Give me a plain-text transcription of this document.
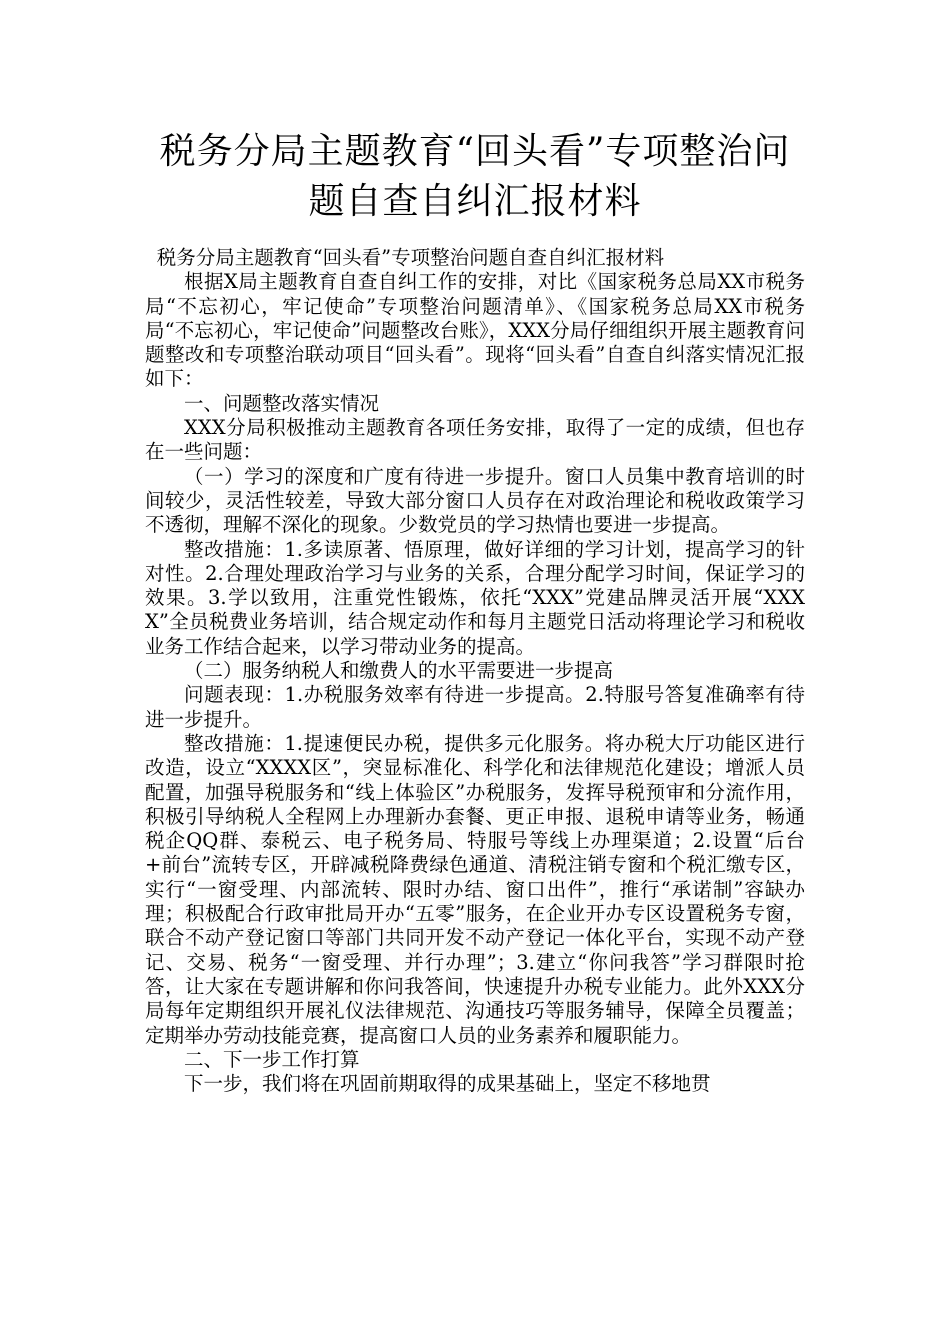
税务分局主题教育“回头看”专项整治问
题自查自纠汇报材料

税务分局主题教育“回头看”专项整治问题自查自纠汇报材料

根据X局主题教育自查自纠工作的安排，对比《国家税务总局XX市税务局“不忘初心，牢记使命”专项整治问题清单》、《国家税务总局XX市税务局“不忘初心，牢记使命”问题整改台账》，XXX分局仔细组织开展主题教育问题整改和专项整治联动项目“回头看”。现将“回头看”自查自纠落实情况汇报如下：

一、问题整改落实情况

XXX分局积极推动主题教育各项任务安排，取得了一定的成绩，但也存在一些问题：

（一）学习的深度和广度有待进一步提升。窗口人员集中教育培训的时间较少，灵活性较差，导致大部分窗口人员存在对政治理论和税收政策学习不透彻，理解不深化的现象。少数党员的学习热情也要进一步提高。

整改措施：1.多读原著、悟原理，做好详细的学习计划，提高学习的针对性。2.合理处理政治学习与业务的关系，合理分配学习时间，保证学习的效果。3.学以致用，注重党性锻炼，依托“XXX”党建品牌灵活开展“XXXX”全员税费业务培训，结合规定动作和每月主题党日活动将理论学习和税收业务工作结合起来，以学习带动业务的提高。

（二）服务纳税人和缴费人的水平需要进一步提高

问题表现：1.办税服务效率有待进一步提高。2.特服号答复准确率有待进一步提升。

整改措施：1.提速便民办税，提供多元化服务。将办税大厅功能区进行改造，设立“XXXX区”，突显标准化、科学化和法律规范化建设；增派人员配置，加强导税服务和“线上体验区”办税服务，发挥导税预审和分流作用，积极引导纳税人全程网上办理新办套餐、更正申报、退税申请等业务，畅通税企QQ群、泰税云、电子税务局、特服号等线上办理渠道；2.设置“后台+前台”流转专区，开辟减税降费绿色通道、清税注销专窗和个税汇缴专区，实行“一窗受理、内部流转、限时办结、窗口出件”，推行“承诺制”容缺办理；积极配合行政审批局开办“五零”服务，在企业开办专区设置税务专窗，联合不动产登记窗口等部门共同开发不动产登记一体化平台，实现不动产登记、交易、税务“一窗受理、并行办理”；3.建立“你问我答”学习群限时抢答，让大家在专题讲解和你问我答间，快速提升办税专业能力。此外XXX分局每年定期组织开展礼仪法律规范、沟通技巧等服务辅导，保障全员覆盖；定期举办劳动技能竞赛，提高窗口人员的业务素养和履职能力。

二、下一步工作打算

下一步，我们将在巩固前期取得的成果基础上，坚定不移地贯
